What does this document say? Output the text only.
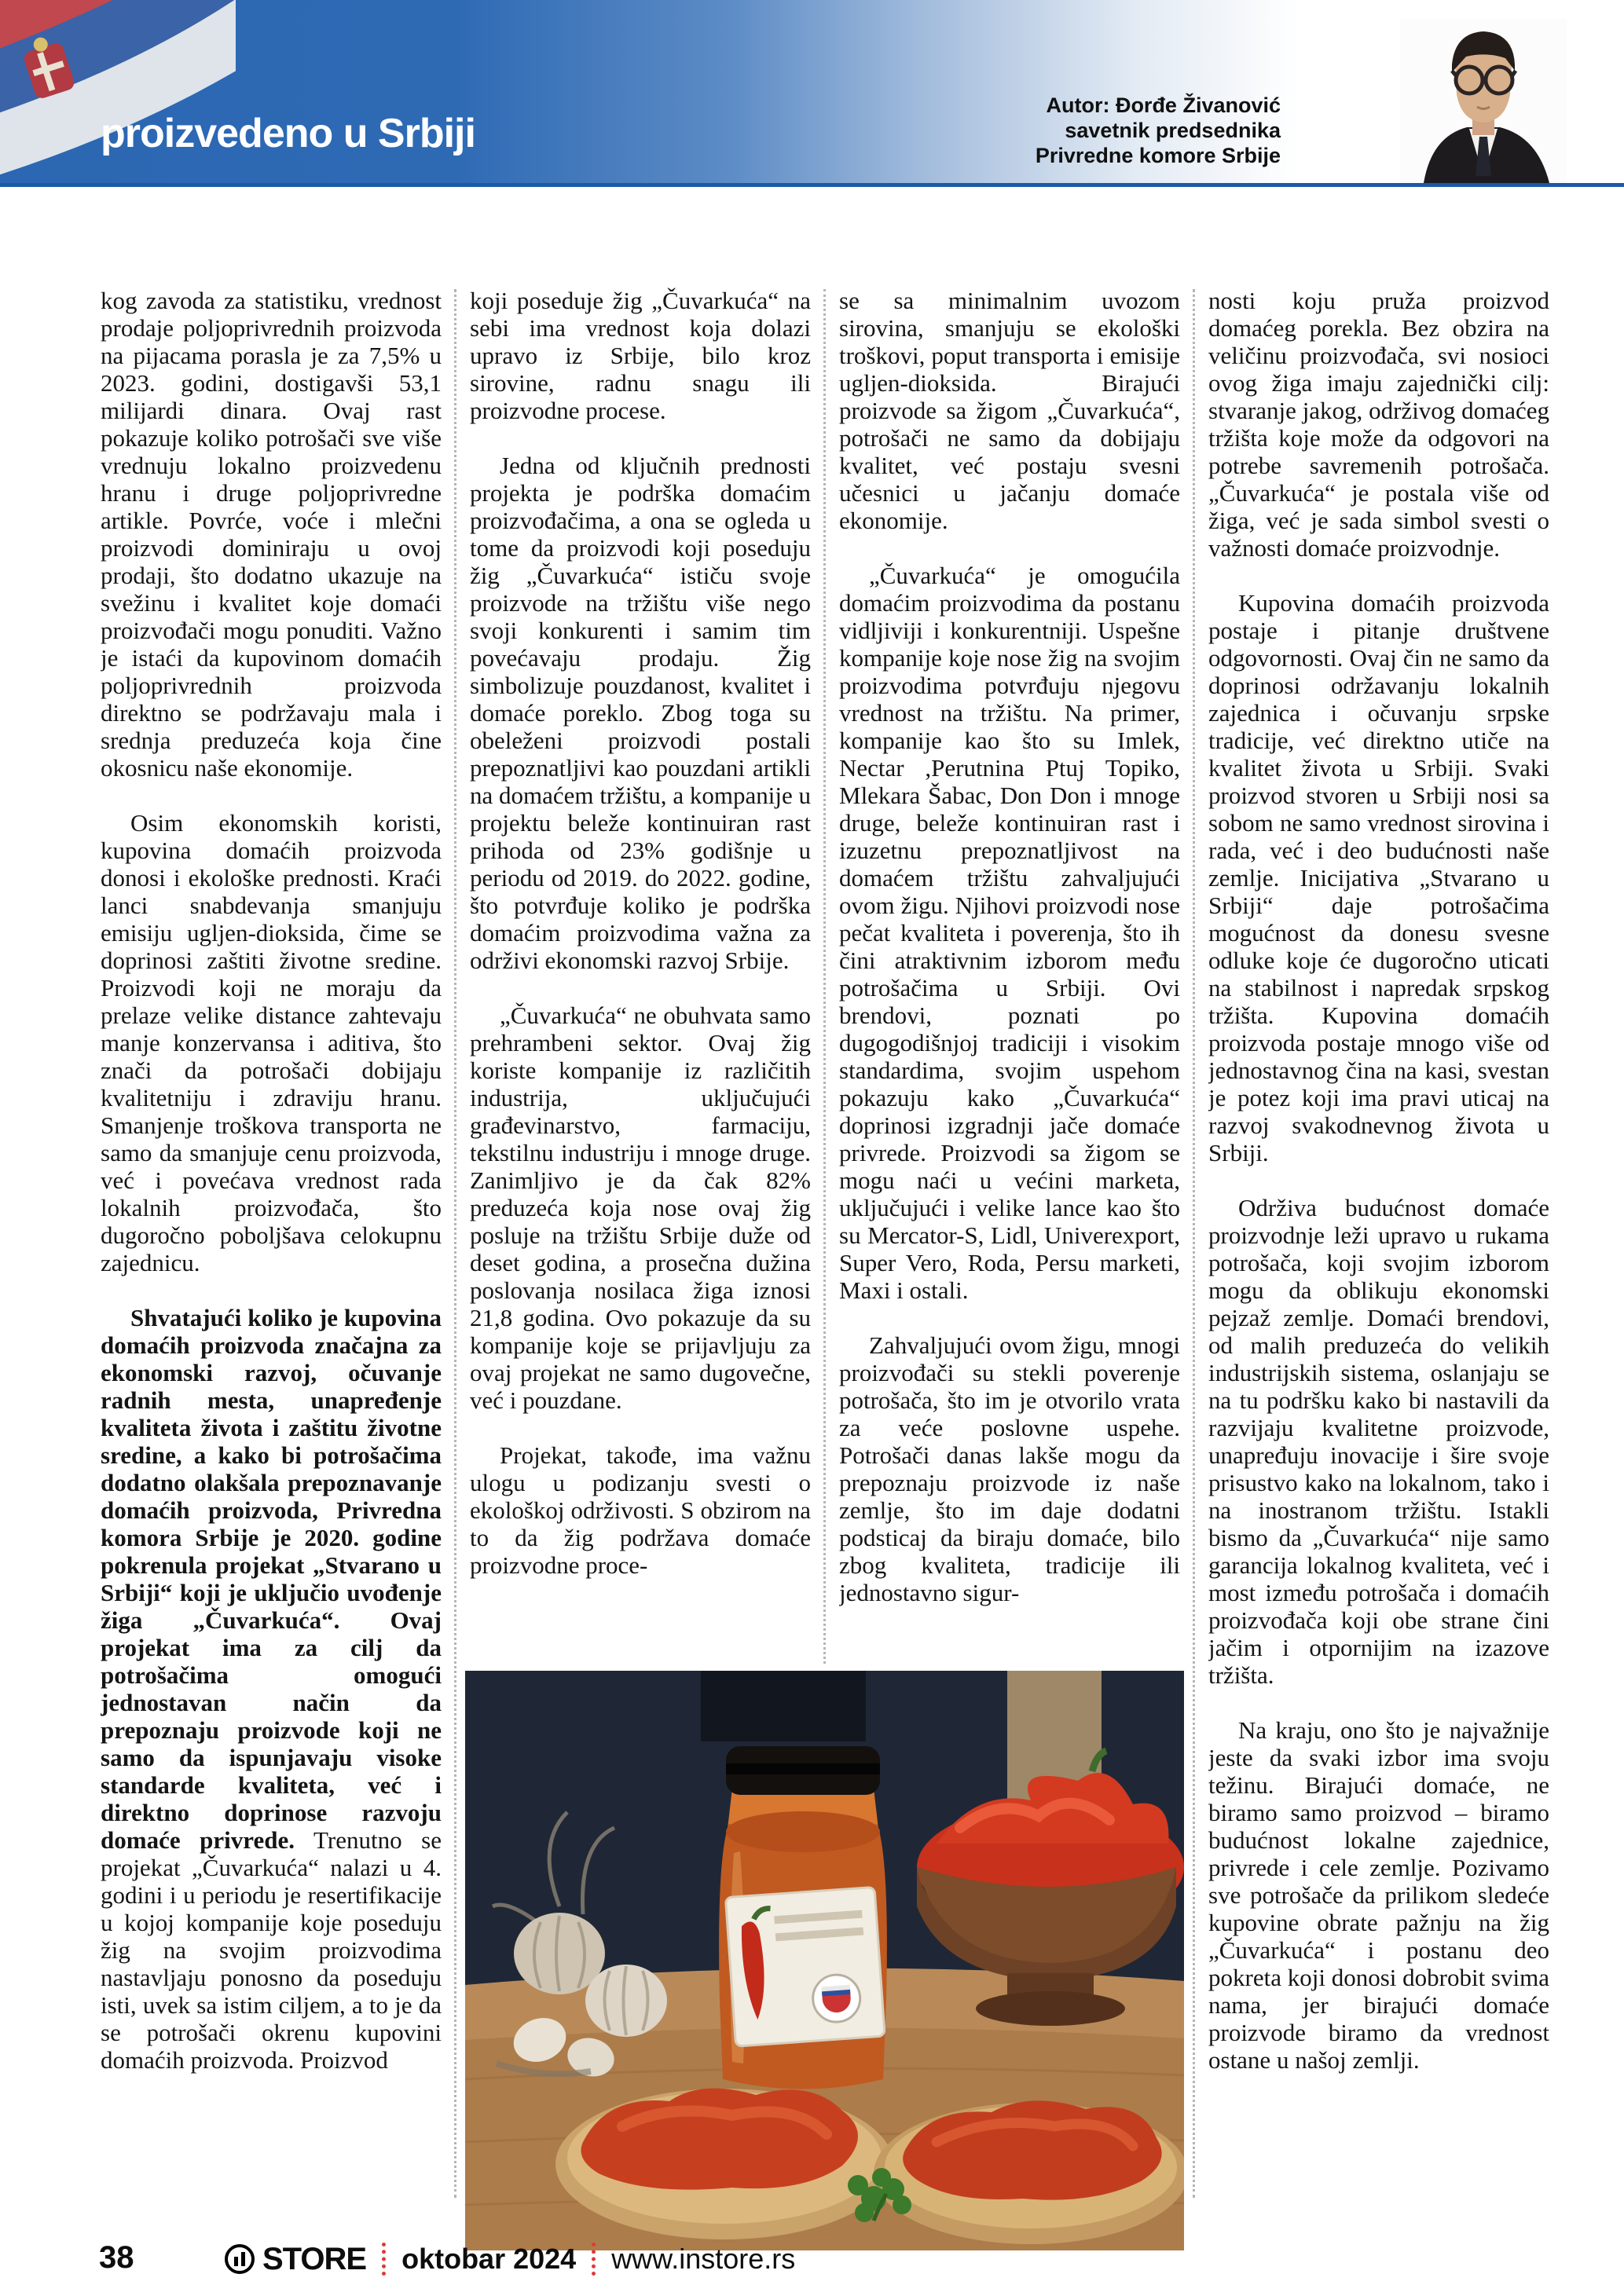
proizvedeno u Srbiji
Autor: Đorđe Živanović
savetnik predsednika
Privredne komore Srbije

kog zavoda za statistiku, vrednost prodaje poljoprivrednih proizvoda na pijacama porasla je za 7,5% u 2023. godini, dostigavši 53,1 milijardi dinara. Ovaj rast pokazuje koliko potrošači sve više vrednuju lokalno proizvedenu hranu i druge poljoprivredne artikle. Povrće, voće i mlečni proizvodi dominiraju u ovoj prodaji, što dodatno ukazuje na svežinu i kvalitet koje domaći proizvođači mogu ponuditi. Važno je istaći da kupovinom domaćih poljoprivrednih proizvoda direktno se podržavaju mala i srednja preduzeća koja čine okosnicu naše ekonomije.

Osim ekonomskih koristi, kupovina domaćih proizvoda donosi i ekološke prednosti. Kraći lanci snabdevanja smanjuju emisiju ugljen-dioksida, čime se doprinosi zaštiti životne sredine. Proizvodi koji ne moraju da prelaze velike distance zahtevaju manje konzervansa i aditiva, što znači da potrošači dobijaju kvalitetniju i zdraviju hranu. Smanjenje troškova transporta ne samo da smanjuje cenu proizvoda, već i povećava vrednost rada lokalnih proizvođača, što dugoročno poboljšava celokupnu zajednicu.

Shvatajući koliko je kupovina domaćih proizvoda značajna za ekonomski razvoj, očuvanje radnih mesta, unapređenje kvaliteta života i zaštitu životne sredine, a kako bi potrošačima dodatno olakšala prepoznavanje domaćih proizvoda, Privredna komora Srbije je 2020. godine pokrenula projekat „Stvarano u Srbiji“ koji je uključio uvođenje žiga „Čuvarkuća“. Ovaj projekat ima za cilj da potrošačima omogući jednostavan način da prepoznaju proizvode koji ne samo da ispunjavaju visoke standarde kvaliteta, već i direktno doprinose razvoju domaće privrede. Trenutno se projekat „Čuvarkuća“ nalazi u 4. godini i u periodu je resertifikacije u kojoj kompanije koje poseduju žig na svojim proizvodima nastavljaju ponosno da poseduju isti, uvek sa istim ciljem, a to je da se potrošači okrenu kupovini domaćih proizvoda. Proizvod

koji poseduje žig „Čuvarkuća“ na sebi ima vrednost koja dolazi upravo iz Srbije, bilo kroz sirovine, radnu snagu ili proizvodne procese.

Jedna od ključnih prednosti projekta je podrška domaćim proizvođačima, a ona se ogleda u tome da proizvodi koji poseduju žig „Čuvarkuća“ ističu svoje proizvode na tržištu više nego svoji konkurenti i samim tim povećavaju prodaju. Žig simbolizuje pouzdanost, kvalitet i domaće poreklo. Zbog toga su obeleženi proizvodi postali prepoznatljivi kao pouzdani artikli na domaćem tržištu, a kompanije u projektu beleže kontinuiran rast prihoda od 23% godišnje u periodu od 2019. do 2022. godine, što potvrđuje koliko je podrška domaćim proizvodima važna za održivi ekonomski razvoj Srbije.

„Čuvarkuća“ ne obuhvata samo prehrambeni sektor. Ovaj žig koriste kompanije iz različitih industrija, uključujući građevinarstvo, farmaciju, tekstilnu industriju i mnoge druge. Zanimljivo je da čak 82% preduzeća koja nose ovaj žig posluje na tržištu Srbije duže od deset godina, a prosečna dužina poslovanja nosilaca žiga iznosi 21,8 godina. Ovo pokazuje da su kompanije koje se prijavljuju za ovaj projekat ne samo dugovečne, već i pouzdane.

Projekat, takođe, ima važnu ulogu u podizanju svesti o ekološkoj održivosti. S obzirom na to da žig podržava domaće proizvodne proce-

se sa minimalnim uvozom sirovina, smanjuju se ekološki troškovi, poput transporta i emisije ugljen-dioksida. Birajući proizvode sa žigom „Čuvarkuća“, potrošači ne samo da dobijaju kvalitet, već postaju svesni učesnici u jačanju domaće ekonomije.

„Čuvarkuća“ je omogućila domaćim proizvodima da postanu vidljiviji i konkurentniji. Uspešne kompanije koje nose žig na svojim proizvodima potvrđuju njegovu vrednost na tržištu. Na primer, kompanije kao što su Imlek, Nectar ,Perutnina Ptuj Topiko, Mlekara Šabac, Don Don i mnoge druge, beleže kontinuiran rast i izuzetnu prepoznatljivost na domaćem tržištu zahvaljujući ovom žigu. Njihovi proizvodi nose pečat kvaliteta i poverenja, što ih čini atraktivnim izborom među potrošačima u Srbiji. Ovi brendovi, poznati po dugogodišnjoj tradiciji i visokim standardima, svojim uspehom pokazuju kako „Čuvarkuća“ doprinosi izgradnji jače domaće privrede. Proizvodi sa žigom se mogu naći u većini marketa, uključujući i velike lance kao što su Mercator-S, Lidl, Univerexport, Super Vero, Roda, Persu marketi, Maxi i ostali.

Zahvaljujući ovom žigu, mnogi proizvođači su stekli poverenje potrošača, što im je otvorilo vrata za veće poslovne uspehe. Potrošači danas lakše mogu da prepoznaju proizvode iz naše zemlje, što im daje dodatni podsticaj da biraju domaće, bilo zbog kvaliteta, tradicije ili jednostavno sigur-

nosti koju pruža proizvod domaćeg porekla. Bez obzira na veličinu proizvođača, svi nosioci ovog žiga imaju zajednički cilj: stvaranje jakog, održivog domaćeg tržišta koje može da odgovori na potrebe savremenih potrošača. „Čuvarkuća“ je postala više od žiga, već je sada simbol svesti o važnosti domaće proizvodnje.

Kupovina domaćih proizvoda postaje i pitanje društvene odgovornosti. Ovaj čin ne samo da doprinosi održavanju lokalnih zajednica i očuvanju srpske tradicije, već direktno utiče na kvalitet života u Srbiji. Svaki proizvod stvoren u Srbiji nosi sa sobom ne samo vrednost sirovina i rada, već i deo budućnosti naše zemlje. Inicijativa „Stvarano u Srbiji“ daje potrošačima mogućnost da donesu svesne odluke koje će dugoročno uticati na stabilnost i napredak srpskog tržišta. Kupovina domaćih proizvoda postaje mnogo više od jednostavnog čina na kasi, svestan je potez koji ima pravi uticaj na razvoj svakodnevnog života u Srbiji.

Održiva budućnost domaće proizvodnje leži upravo u rukama potrošača, koji svojim izborom mogu da oblikuju ekonomski pejzaž zemlje. Domaći brendovi, od malih preduzeća do velikih industrijskih sistema, oslanjaju se na tu podršku kako bi nastavili da razvijaju kvalitetne proizvode, unapređuju inovacije i šire svoje prisustvo kako na lokalnom, tako i na inostranom tržištu. Istakli bismo da „Čuvarkuća“ nije samo garancija lokalnog kvaliteta, već i most između potrošača i domaćih proizvođača koji obe strane čini jačim i otpornijim na izazove tržišta.

Na kraju, ono što je najvažnije jeste da svaki izbor ima svoju težinu. Birajući domaće, ne biramo samo proizvod – biramo budućnost lokalne zajednice, privrede i cele zemlje. Pozivamo sve potrošače da prilikom sledeće kupovine obrate pažnju na žig „Čuvarkuća“ i postanu deo pokreta koji donosi dobrobit svima nama, jer birajući domaće proizvode biramo da vrednost ostane u našoj zemlji.

38	STORE oktobar 2024 www.instore.rs
